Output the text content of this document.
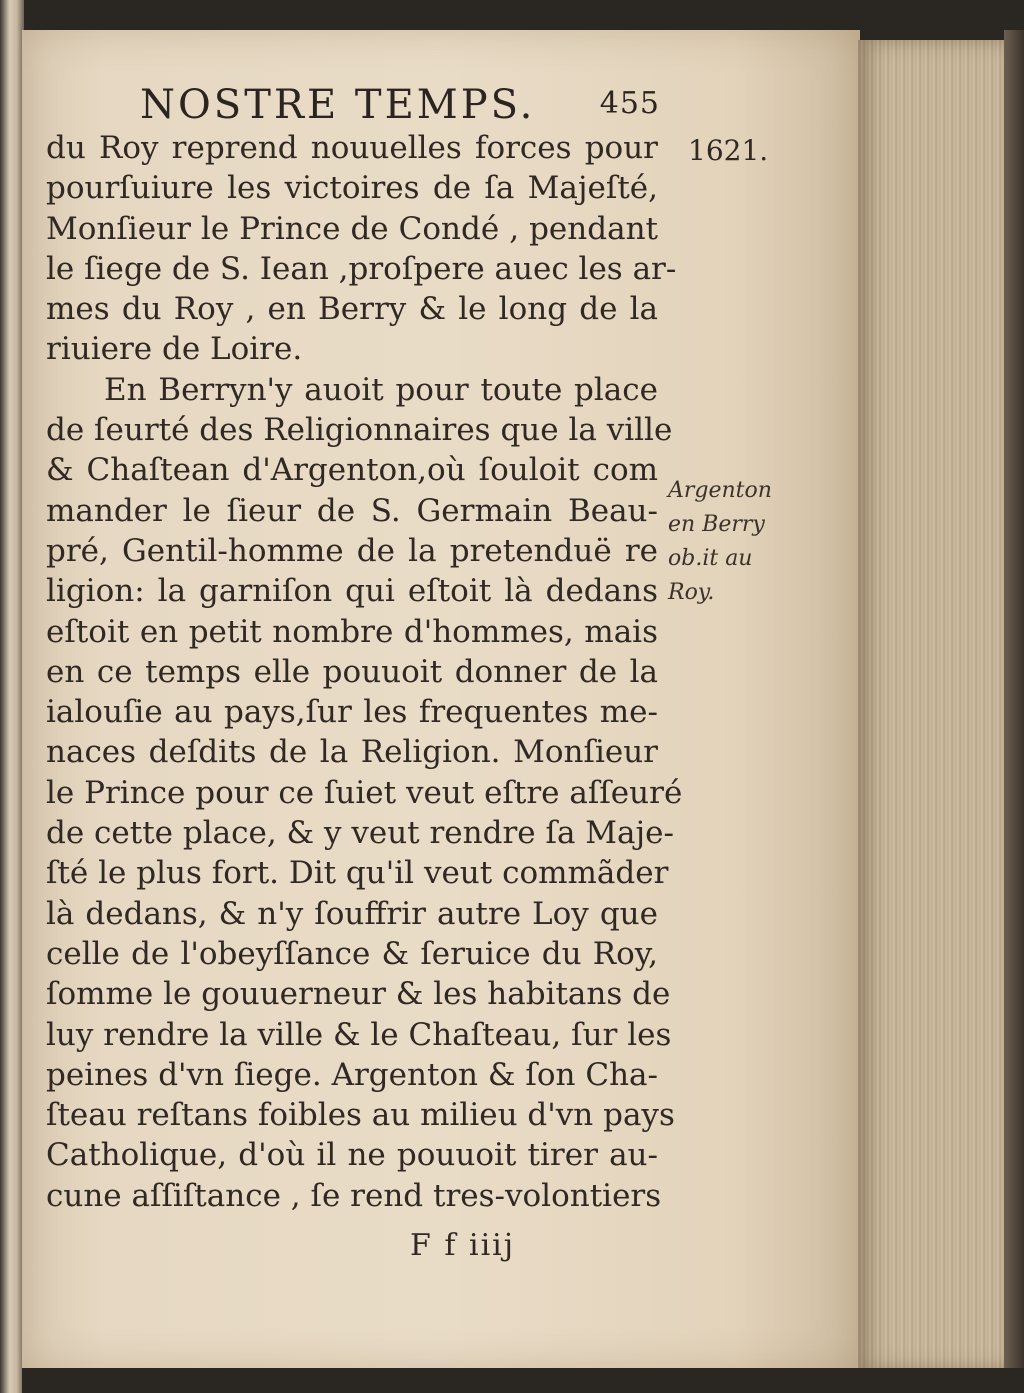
NOSTRE TEMPS. 455
1621.
Argenton
en Berry
ob.it au
Roy.
du Roy reprend nouuelles forces pour
pourſuiure les victoires de ſa Majeſté,
Monſieur le Prince de Condé , pendant
le ſiege de S. Iean ,proſpere auec les ar-
mes du Roy , en Berry & le long de la
riuiere de Loire.
En Berryn'y auoit pour toute place
de ſeurté des Religionnaires que la ville
& Chaſtean d'Argenton,où ſouloit com
mander le ſieur de S. Germain Beau-
pré, Gentil-homme de la pretenduë re
ligion: la garniſon qui eſtoit là dedans
eſtoit en petit nombre d'hommes, mais
en ce temps elle pouuoit donner de la
ialouſie au pays,ſur les frequentes me-
naces deſdits de la Religion. Monſieur
le Prince pour ce ſuiet veut eſtre aſſeuré
de cette place, & y veut rendre ſa Maje-
ſté le plus fort. Dit qu'il veut commãder
là dedans, & n'y ſouffrir autre Loy que
celle de l'obeyſſance & ſeruice du Roy,
ſomme le gouuerneur & les habitans de
luy rendre la ville & le Chaſteau, ſur les
peines d'vn ſiege. Argenton & ſon Cha-
ſteau reſtans foibles au milieu d'vn pays
Catholique, d'où il ne pouuoit tirer au-
cune aſſiſtance , ſe rend tres-volontiers
F f iiij
